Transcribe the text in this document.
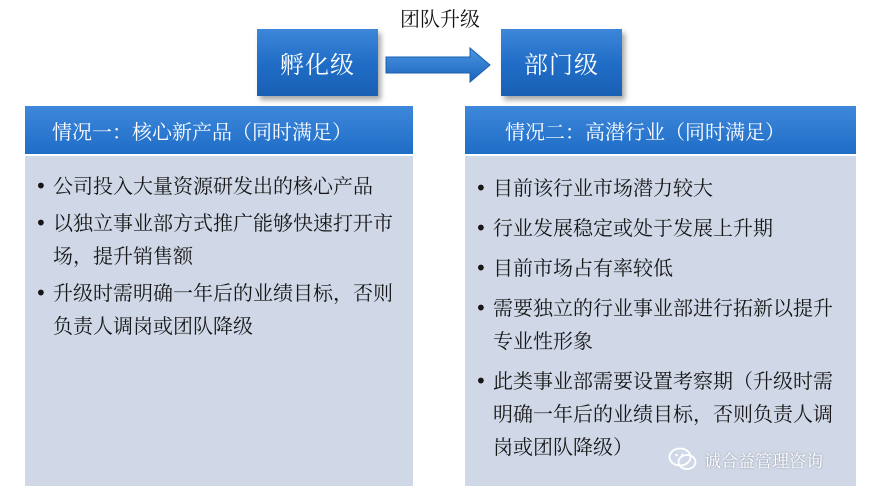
孵化级
团队升级
部门级
情况一：核心新产品（同时满足）
• 公司投入大量资源研发出的核心产品
• 以独立事业部方式推广能够快速打开市场，提升销售额
• 升级时需明确一年后的业绩目标，否则负责人调岗或团队降级
情况二：高潜行业（同时满足）
• 目前该行业市场潜力较大
• 行业发展稳定或处于发展上升期
• 目前市场占有率较低
• 需要独立的行业事业部进行拓新以提升专业性形象
• 此类事业部需要设置考察期（升级时需明确一年后的业绩目标，否则负责人调岗或团队降级）
诚合益管理咨询
